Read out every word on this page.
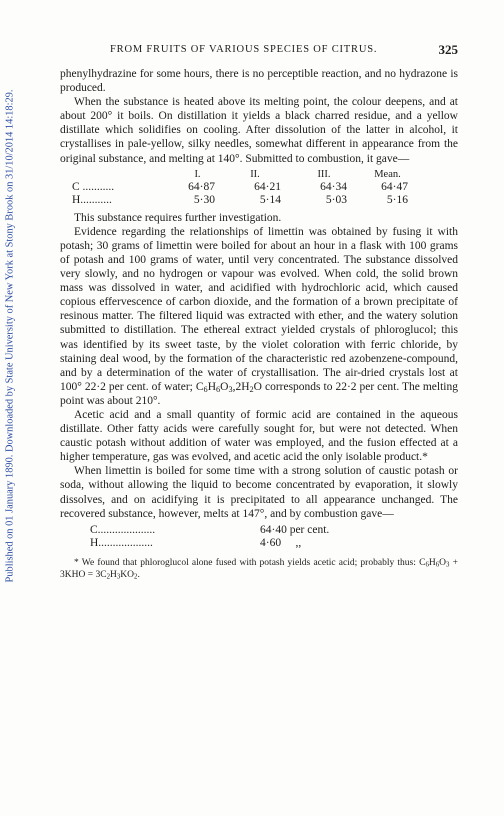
Published on 01 January 1890. Downloaded by State University of New York at Stony Brook on 31/10/2014 14:18:29.
FROM FRUITS OF VARIOUS SPECIES OF CITRUS.	325

phenylhydrazine for some hours, there is no perceptible reaction, and no hydrazone is produced.

When the substance is heated above its melting point, the colour deepens, and at about 200° it boils. On distillation it yields a black charred residue, and a yellow distillate which solidifies on cooling. After dissolution of the latter in alcohol, it crystallises in pale-yellow, silky needles, somewhat different in appearance from the original substance, and melting at 140°. Submitted to combustion, it gave—

I.	II.	III.	Mean.
C ...........	64·87	64·21	64·34	64·47
H...........	5·30	5·14	5·03	5·16

This substance requires further investigation.

Evidence regarding the relationships of limettin was obtained by fusing it with potash; 30 grams of limettin were boiled for about an hour in a flask with 100 grams of potash and 100 grams of water, until very concentrated. The substance dissolved very slowly, and no hydrogen or vapour was evolved. When cold, the solid brown mass was dissolved in water, and acidified with hydrochloric acid, which caused copious effervescence of carbon dioxide, and the formation of a brown precipitate of resinous matter. The filtered liquid was extracted with ether, and the watery solution submitted to distillation. The ethereal extract yielded crystals of phloroglucol; this was identified by its sweet taste, by the violet coloration with ferric chloride, by staining deal wood, by the formation of the characteristic red azobenzene-compound, and by a determination of the water of crystallisation. The air-dried crystals lost at 100° 22·2 per cent. of water; $C_6H_6O_3,2H_2O$ corresponds to 22·2 per cent. The melting point was about 210°.

Acetic acid and a small quantity of formic acid are contained in the aqueous distillate. Other fatty acids were carefully sought for, but were not detected. When caustic potash without addition of water was employed, and the fusion effected at a higher temperature, gas was evolved, and acetic acid the only isolable product.*

When limettin is boiled for some time with a strong solution of caustic potash or soda, without allowing the liquid to become concentrated by evaporation, it slowly dissolves, and on acidifying it is precipitated to all appearance unchanged. The recovered substance, however, melts at 147°, and by combustion gave—

C....................	64·40 per cent.
H...................	4·60     ,,

* We found that phloroglucol alone fused with potash yields acetic acid; probably thus: $C_6H_6O_3 + 3KHO = 3C_2H_3KO_2$.
